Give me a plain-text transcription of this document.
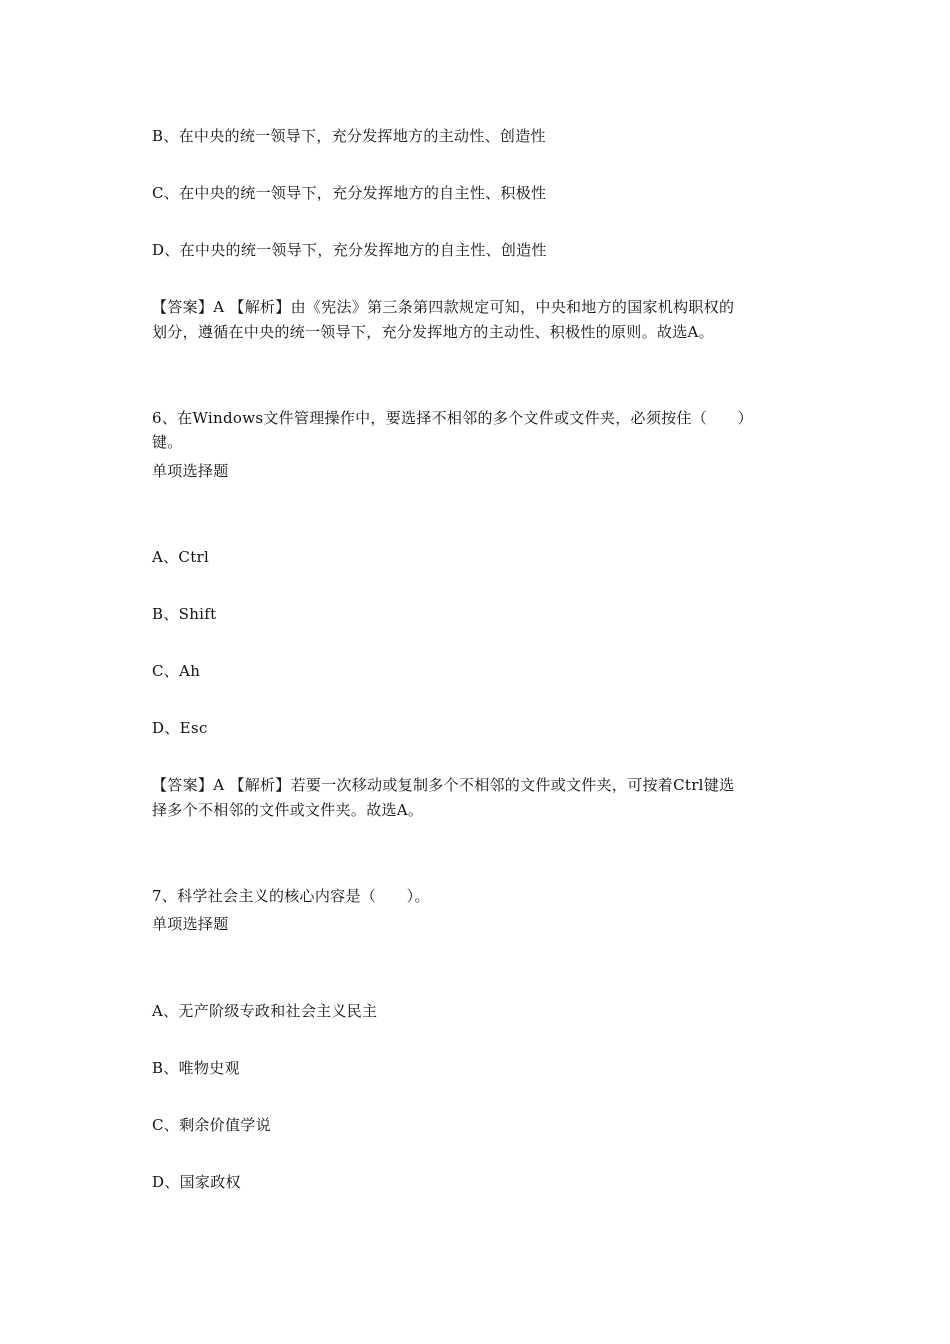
B、在中央的统一领导下，充分发挥地方的主动性、创造性
C、在中央的统一领导下，充分发挥地方的自主性、积极性
D、在中央的统一领导下，充分发挥地方的自主性、创造性
【答案】A 【解析】由《宪法》第三条第四款规定可知，中央和地方的国家机构职权的
划分，遵循在中央的统一领导下，充分发挥地方的主动性、积极性的原则。故选A。
6、在Windows文件管理操作中，要选择不相邻的多个文件或文件夹，必须按住（　　）
键。
单项选择题
A、Ctrl
B、Shift
C、Ah
D、Esc
【答案】A 【解析】若要一次移动或复制多个不相邻的文件或文件夹，可按着Ctrl键选
择多个不相邻的文件或文件夹。故选A。
7、科学社会主义的核心内容是（　　）。
单项选择题
A、无产阶级专政和社会主义民主
B、唯物史观
C、剩余价值学说
D、国家政权
